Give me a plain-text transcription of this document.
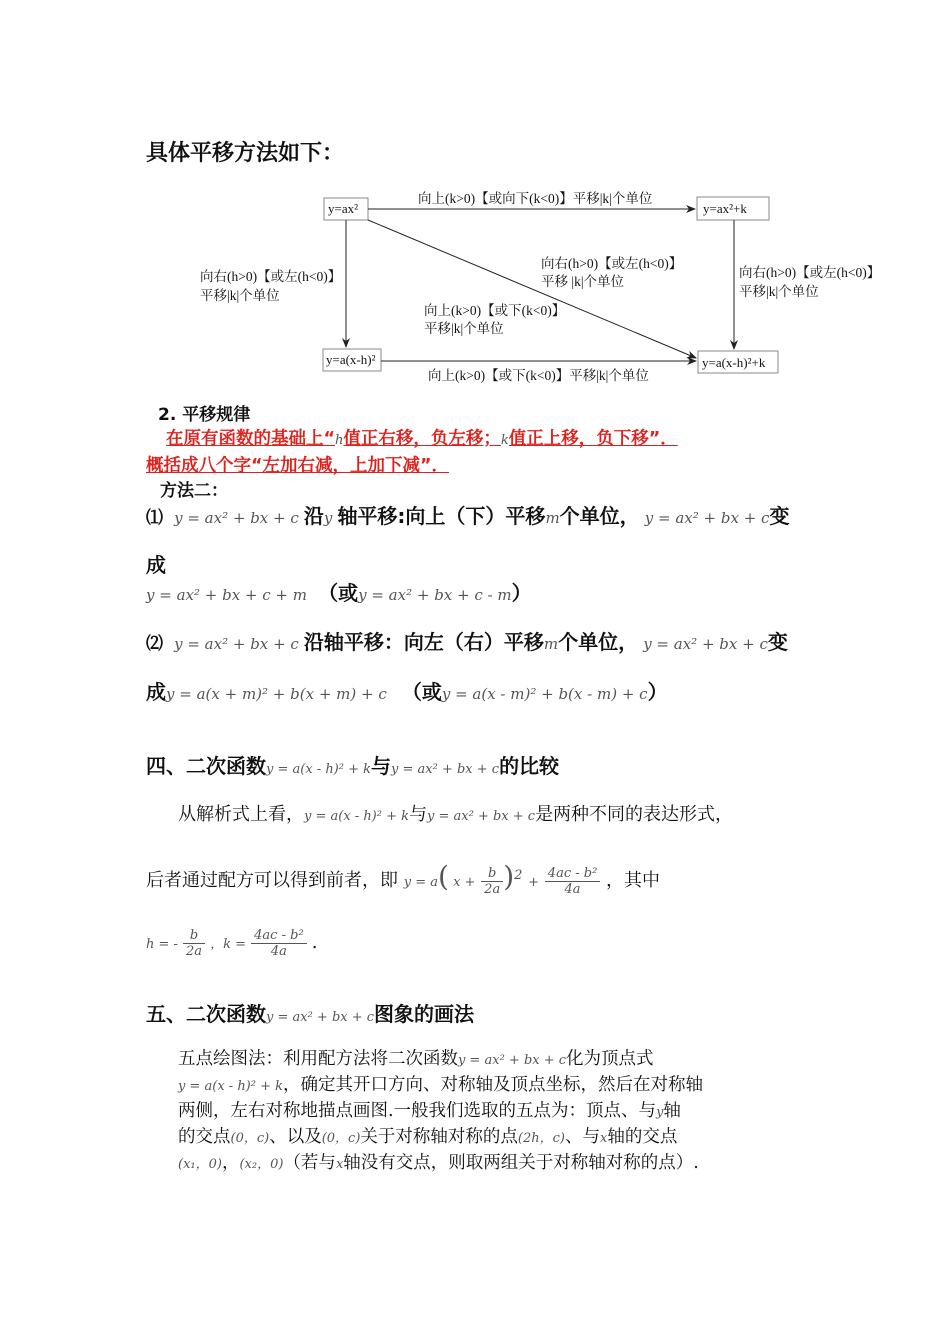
具体平移方法如下：
y=ax²	y=ax²+k
y=a(x-h)²	y=a(x-h)²+k
向上(k>0)【或向下(k<0)】平移|k|个单位
向右(h>0)【或左(h<0)】
平移|k|个单位
向右(h>0)【或左(h<0)】
平移|k|个单位
向右(h>0)【或左(h<0)】
平移 |k|个单位
向上(k>0)【或下(k<0)】
平移|k|个单位
向上(k>0)【或下(k<0)】平移|k|个单位
2. 平移规律
在原有函数的基础上“h值正右移，负左移；k值正上移，负下移”．
概括成八个字“左加右减，上加下减”．
方法二：
⑴ y = ax² + bx + c 沿y 轴平移:向上（下）平移m个单位， y = ax² + bx + c变
成
y = ax² + bx + c + m （或y = ax² + bx + c - m）
⑵ y = ax² + bx + c 沿轴平移：向左（右）平移m个单位， y = ax² + bx + c变
成y = a(x + m)² + b(x + m) + c （或y = a(x - m)² + b(x - m) + c）
四、二次函数y = a(x - h)² + k与y = ax² + bx + c的比较
从解析式上看，y = a(x - h)² + k与y = ax² + bx + c是两种不同的表达形式，
后者通过配方可以得到前者，即 y = a( $x + \frac{b}{2a} )^2 + \frac{\text{4ac - b²}}{4a}$ ，其中
h = - $\frac{b}{2a}$ ，$k = \frac{\text{4ac - b²}}{4a}$ .
五、二次函数y = ax² + bx + c图象的画法
五点绘图法：利用配方法将二次函数y = ax² + bx + c化为顶点式
y = a(x - h)² + k，确定其开口方向、对称轴及顶点坐标，然后在对称轴
两侧，左右对称地描点画图.一般我们选取的五点为：顶点、与y轴
的交点(0，c)、以及(0，c)关于对称轴对称的点(2h，c)、与x轴的交点
(x₁，0)，(x₂，0)（若与x轴没有交点，则取两组关于对称轴对称的点）.
